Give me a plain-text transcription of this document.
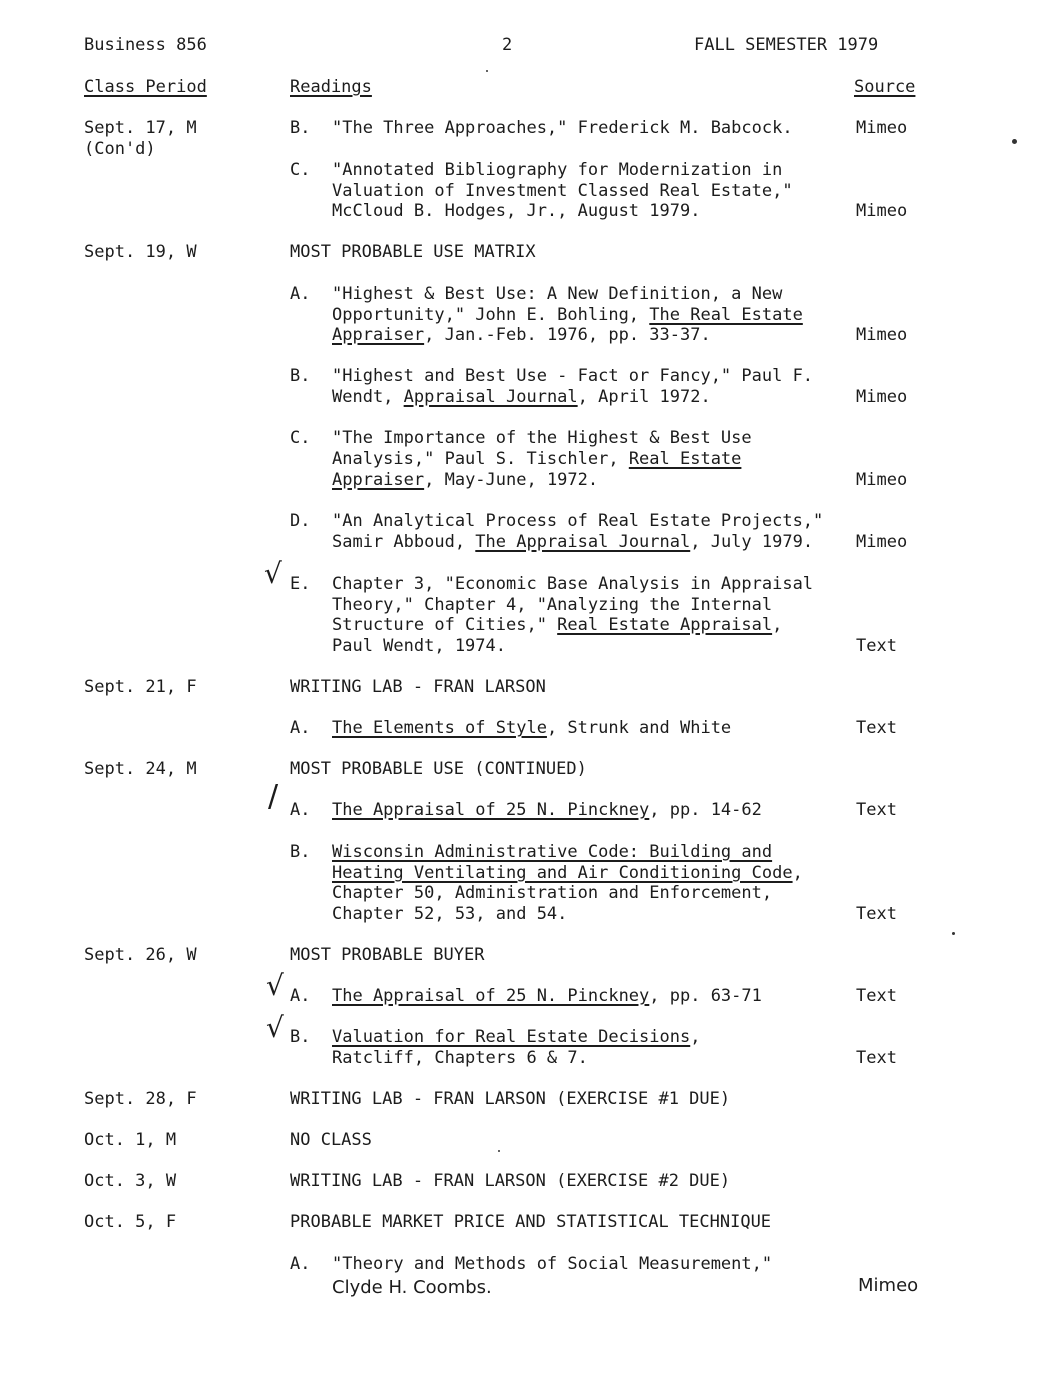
Business 856	2	FALL SEMESTER 1979
Class Period	Readings	Source
Sept. 17, M
(Con'd)
B. "The Three Approaches," Frederick M. Babcock.	Mimeo
C. "Annotated Bibliography for Modernization in
Valuation of Investment Classed Real Estate,"
McCloud B. Hodges, Jr., August 1979.	Mimeo
Sept. 19, W	MOST PROBABLE USE MATRIX
A. "Highest & Best Use: A New Definition, a New
Opportunity," John E. Bohling, The Real Estate
Appraiser, Jan.-Feb. 1976, pp. 33-37.	Mimeo
B. "Highest and Best Use - Fact or Fancy," Paul F.
Wendt, Appraisal Journal, April 1972.	Mimeo
C. "The Importance of the Highest & Best Use
Analysis," Paul S. Tischler, Real Estate
Appraiser, May-June, 1972.	Mimeo
D. "An Analytical Process of Real Estate Projects,"
Samir Abboud, The Appraisal Journal, July 1979.	Mimeo
√ E. Chapter 3, "Economic Base Analysis in Appraisal
Theory," Chapter 4, "Analyzing the Internal
Structure of Cities," Real Estate Appraisal,
Paul Wendt, 1974.	Text
Sept. 21, F	WRITING LAB - FRAN LARSON
A. The Elements of Style, Strunk and White	Text
Sept. 24, M	MOST PROBABLE USE (CONTINUED)
/ A. The Appraisal of 25 N. Pinckney, pp. 14-62	Text
B. Wisconsin Administrative Code: Building and
Heating Ventilating and Air Conditioning Code,
Chapter 50, Administration and Enforcement,
Chapter 52, 53, and 54.	Text
Sept. 26, W	MOST PROBABLE BUYER
√ A. The Appraisal of 25 N. Pinckney, pp. 63-71	Text
√ B. Valuation for Real Estate Decisions,
Ratcliff, Chapters 6 & 7.	Text
Sept. 28, F	WRITING LAB - FRAN LARSON (EXERCISE #1 DUE)
Oct. 1, M	NO CLASS
Oct. 3, W	WRITING LAB - FRAN LARSON (EXERCISE #2 DUE)
Oct. 5, F	PROBABLE MARKET PRICE AND STATISTICAL TECHNIQUE
A. "Theory and Methods of Social Measurement,"
Clyde H. Coombs.	Mimeo
